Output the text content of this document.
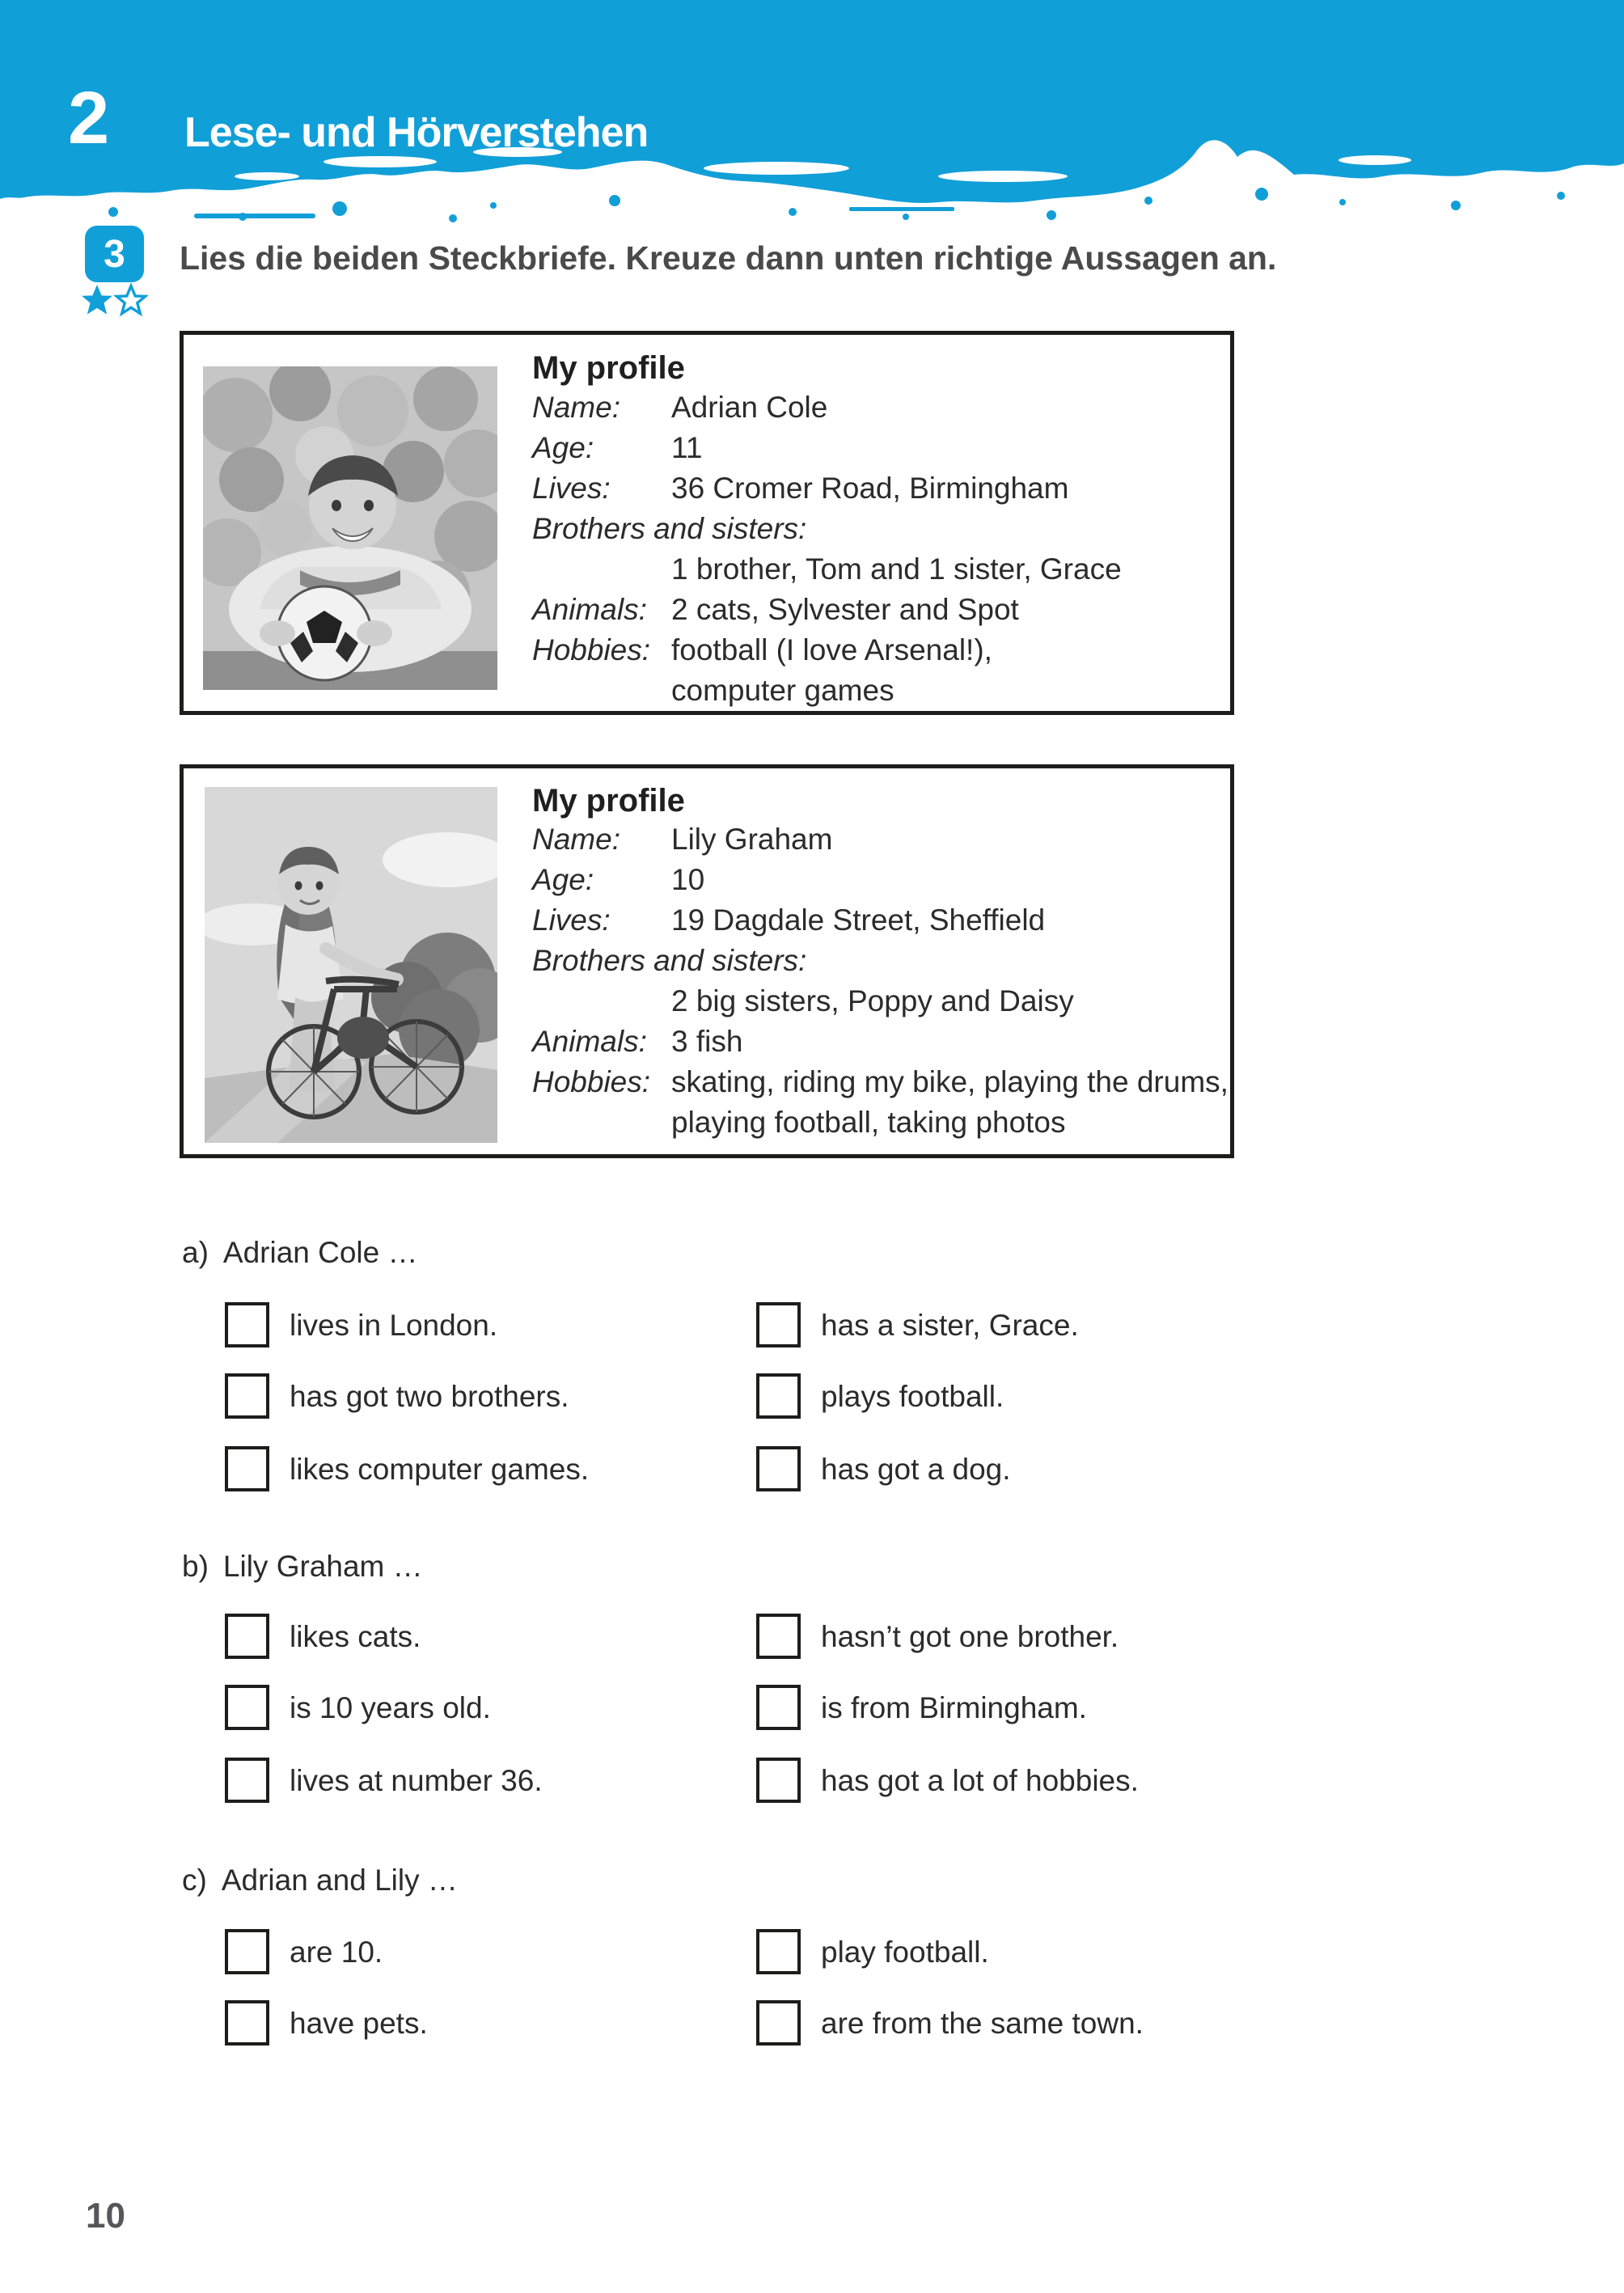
2 Lese- und Hörverstehen
3	Lies die beiden Steckbriefe. Kreuze dann unten richtige Aussagen an.
My profile
Name: Adrian Cole
Age:	11
Lives: 36 Cromer Road, Birmingham
Brothers and sisters:
1 brother, Tom and 1 sister, Grace
Animals: 2 cats, Sylvester and Spot
Hobbies: football (I love Arsenal!),
computer games
My profile
Name: Lily Graham
Age:	10
Lives: 19 Dagdale Street, Sheffield
Brothers and sisters:
2 big sisters, Poppy and Daisy
Animals: 3 fish
Hobbies: skating, riding my bike, playing the drums,
playing football, taking photos
a) Adrian Cole …
lives in London.	has a sister, Grace.
has got two brothers.	plays football.
likes computer games.	has got a dog.
b) Lily Graham …
likes cats.	hasn’t got one brother.
is 10 years old.	is from Birmingham.
lives at number 36.	has got a lot of hobbies.
c) Adrian and Lily …
are 10.	play football.
have pets.	are from the same town.
10
